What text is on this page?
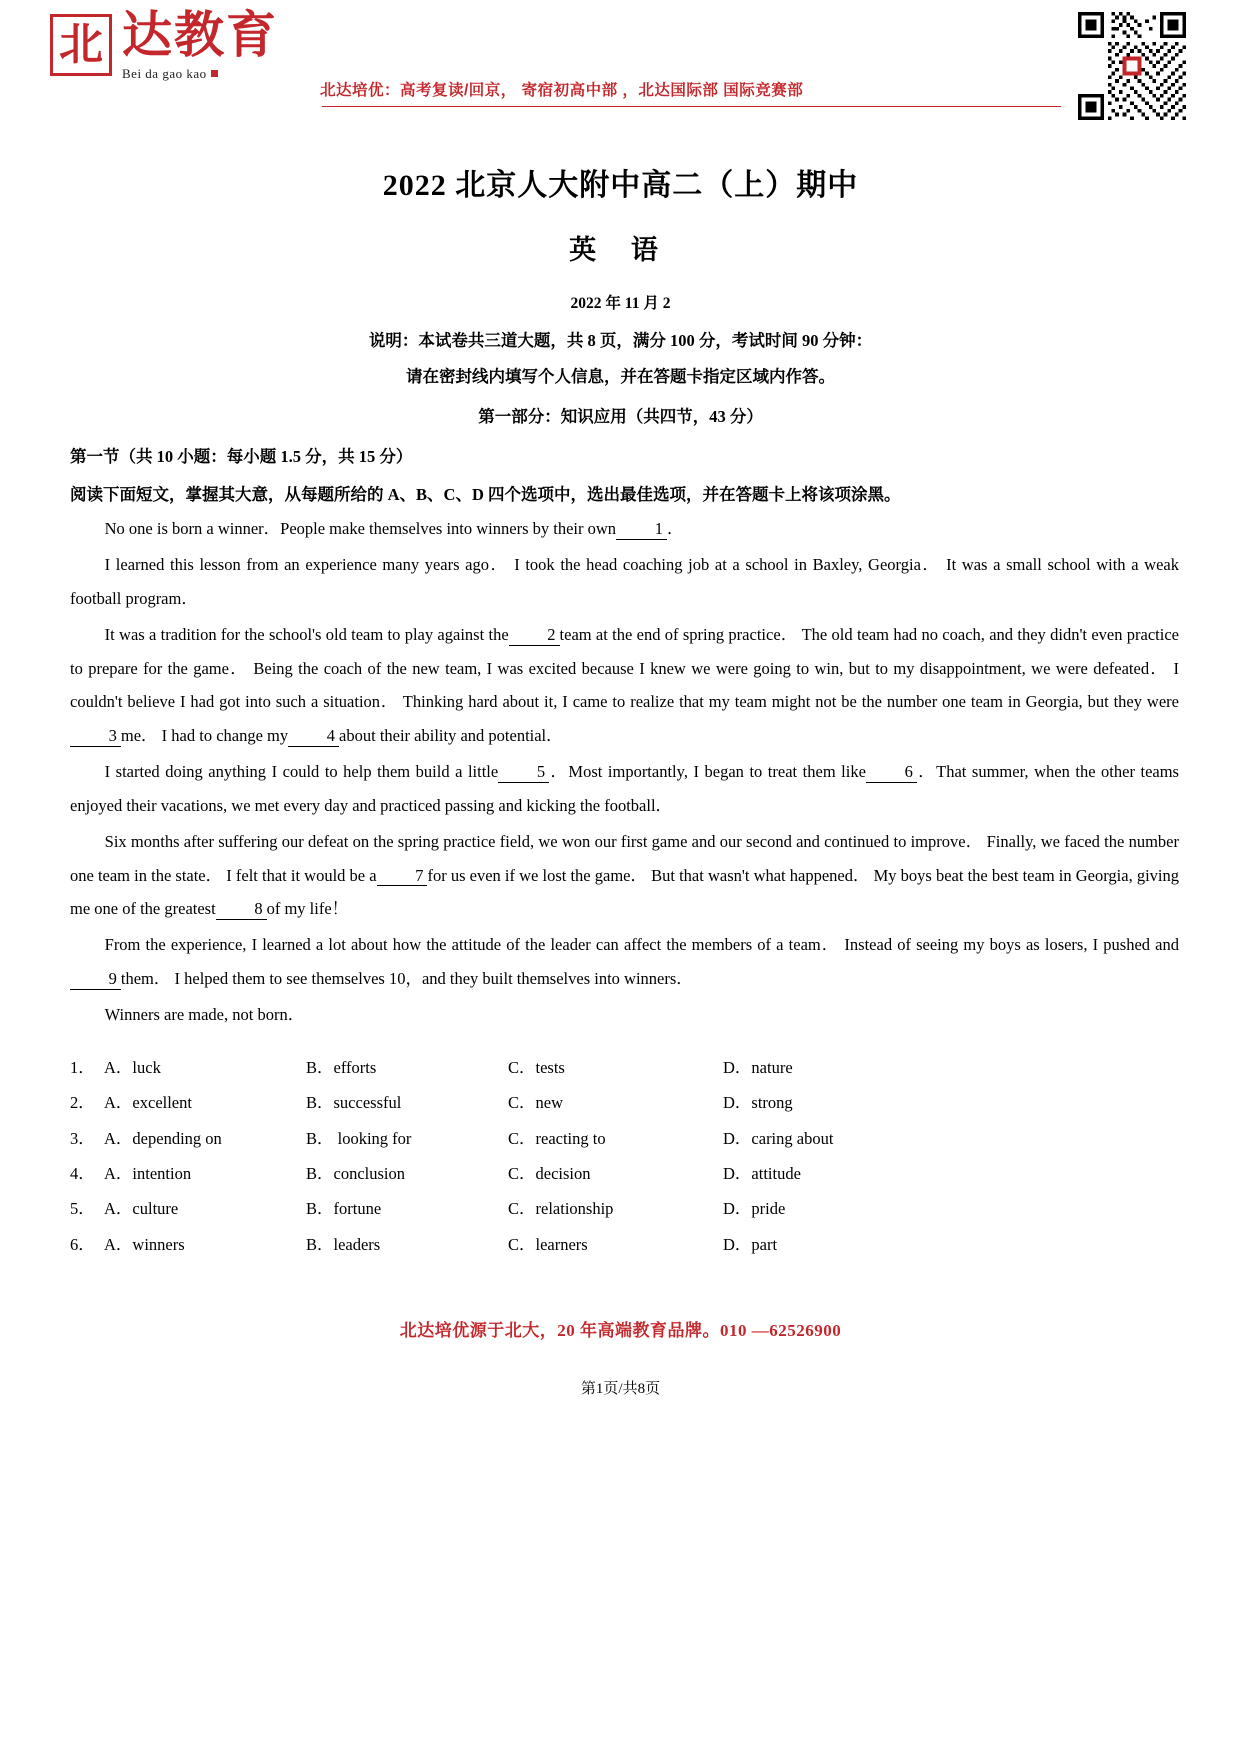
北 达教育
Bei da gao kao
北达培优：高考复读/回京， 寄宿初高中部 ，北达国际部 国际竞赛部
2022 北京人大附中高二（上）期中
英 语
2022 年 11 月 2
说明：本试卷共三道大题，共 8 页，满分 100 分，考试时间 90 分钟：
请在密封线内填写个人信息，并在答题卡指定区域内作答。
第一部分：知识应用（共四节，43 分）
第一节（共 10 小题：每小题 1.5 分，共 15 分）
阅读下面短文，掌握其大意，从每题所给的 A、B、C、D 四个选项中，选出最佳选项，并在答题卡上将该项涂黑。
No one is born a winner．People make themselves into winners by their own 1 ．
I learned this lesson from an experience many years ago． I took the head coaching job at a school in Baxley, Georgia． It was a small school with a weak football program．
It was a tradition for the school's old team to play against the 2 team at the end of spring practice． The old team had no coach, and they didn't even practice to prepare for the game． Being the coach of the new team, I was excited because I knew we were going to win, but to my disappointment, we were defeated． I couldn't believe I had got into such a situation． Thinking hard about it, I came to realize that my team might not be the number one team in Georgia, but they were3 me． I had to change my 4 about their ability and potential．
I started doing anything I could to help them build a little 5 ．Most importantly, I began to treat them like 6 ．That summer, when the other teams enjoyed their vacations, we met every day and practiced passing and kicking the football．
Six months after suffering our defeat on the spring practice field, we won our first game and our second and continued to improve． Finally, we faced the number one team in the state． I felt that it would be a 7 for us even if we lost the game． But that wasn't what happened． My boys beat the best team in Georgia, giving me one of the greatest 8 of my life！
From the experience, I learned a lot about how the attitude of the leader can affect the members of a team． Instead of seeing my boys as losers, I pushed and9 them． I helped them to see themselves 10，and they built themselves into winners．
Winners are made, not born．
1． A．luck	B．efforts	C．tests	D．nature
2． A．excellent	B．successful	C．new	D．strong
3． A．depending on	B． looking for	C．reacting to	D．caring about
4． A．intention	B．conclusion	C．decision	D．attitude
5． A．culture	B．fortune	C．relationship	D．pride
6． A．winners	B．leaders	C．learners	D．part
北达培优源于北大，20 年高端教育品牌。010 —62526900
第1页/共8页
